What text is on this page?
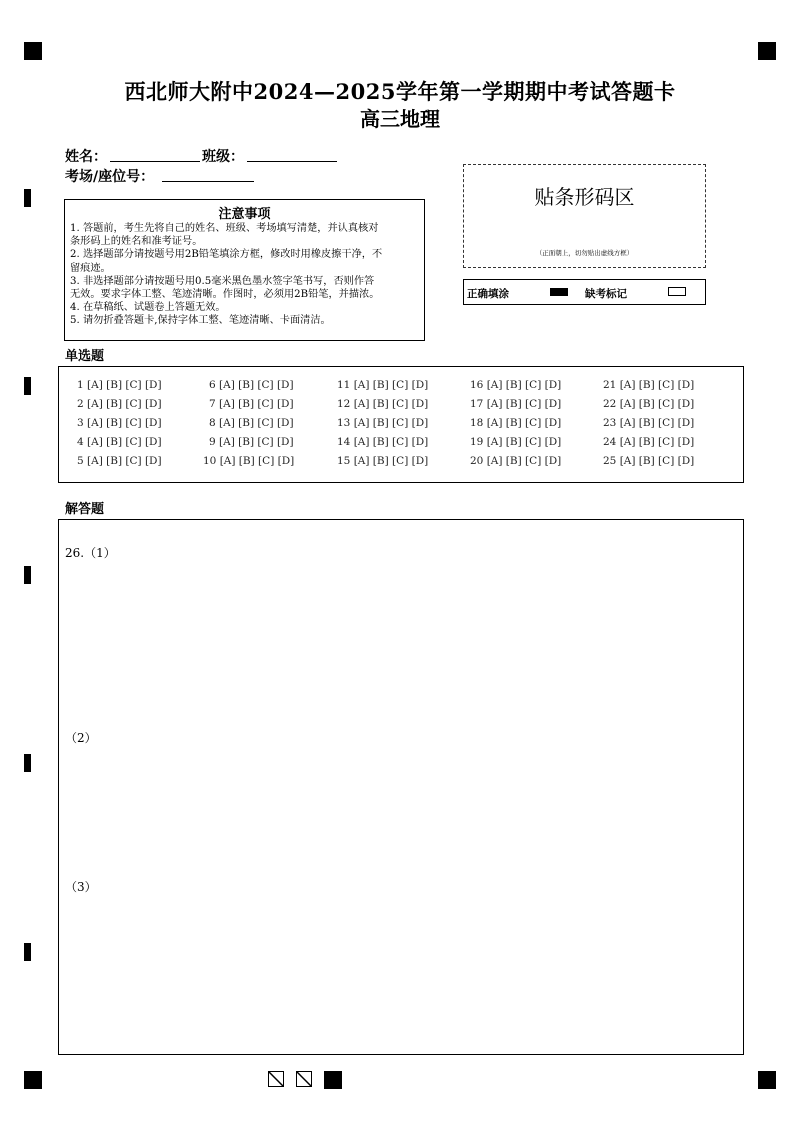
西北师大附中2024—2025学年第一学期期中考试答题卡
高三地理
姓名：	班级：
考场/座位号：
注意事项
1. 答题前，考生先将自己的姓名、班级、考场填写清楚，并认真核对
条形码上的姓名和准考证号。
2. 选择题部分请按题号用2B铅笔填涂方框，修改时用橡皮擦干净，不
留痕迹。
3. 非选择题部分请按题号用0.5毫米黑色墨水签字笔书写，否则作答
无效。要求字体工整、笔迹清晰。作图时，必须用2B铅笔，并描浓。
4. 在草稿纸、试题卷上答题无效。
5. 请勿折叠答题卡,保持字体工整、笔迹清晰、卡面清洁。
贴条形码区
（正面朝上，切勿贴出虚线方框）
正确填涂	缺考标记
单选题
1 [A] [B] [C] [D]
2 [A] [B] [C] [D]
3 [A] [B] [C] [D]
4 [A] [B] [C] [D]
5 [A] [B] [C] [D]
6 [A] [B] [C] [D]
7 [A] [B] [C] [D]
8 [A] [B] [C] [D]
9 [A] [B] [C] [D]
10 [A] [B] [C] [D]
11 [A] [B] [C] [D]
12 [A] [B] [C] [D]
13 [A] [B] [C] [D]
14 [A] [B] [C] [D]
15 [A] [B] [C] [D]
16 [A] [B] [C] [D]
17 [A] [B] [C] [D]
18 [A] [B] [C] [D]
19 [A] [B] [C] [D]
20 [A] [B] [C] [D]
21 [A] [B] [C] [D]
22 [A] [B] [C] [D]
23 [A] [B] [C] [D]
24 [A] [B] [C] [D]
25 [A] [B] [C] [D]
解答题
26.（1）
（2）
（3）
